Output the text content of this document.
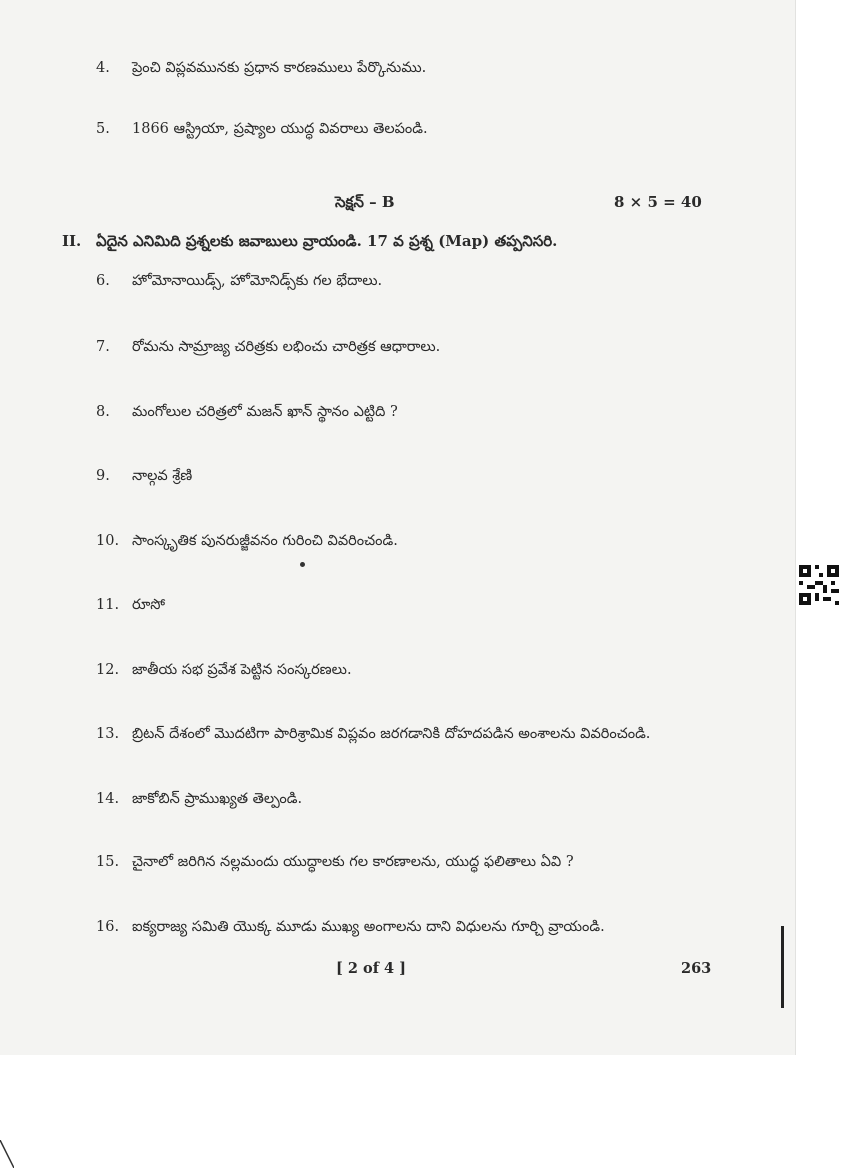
4. ప్రెంచి విప్లవమునకు ప్రధాన కారణములు పేర్కొనుము.
5. 1866 ఆస్ట్రియా, ప్రష్యాల యుద్ధ వివరాలు తెలపండి.
సెక్షన్ – B	8 × 5 = 40
II. ఏదైన ఎనిమిది ప్రశ్నలకు జవాబులు వ్రాయండి. 17 వ ప్రశ్న (Map) తప్పనిసరి.
6. హోమోనాయిడ్స్, హోమోనిడ్స్‌కు గల భేదాలు.
7. రోమను సామ్రాజ్య చరిత్రకు లభించు చారిత్రక ఆధారాలు.
8. మంగోలుల చరిత్రలో మజన్ ఖాన్ స్థానం ఎట్టిది ?
9. నాల్గవ శ్రేణి
10. సాంస్కృతిక పునరుజ్జీవనం గురించి వివరించండి.
11. రూసో
12. జాతీయ సభ ప్రవేశ పెట్టిన సంస్కరణలు.
13. బ్రిటన్ దేశంలో మొదటిగా పారిశ్రామిక విప్లవం జరగడానికి దోహదపడిన అంశాలను వివరించండి.
14. జాకోబిన్ ప్రాముఖ్యత తెల్పండి.
15. చైనాలో జరిగిన నల్లమందు యుద్ధాలకు గల కారణాలను, యుద్ధ ఫలితాలు ఏవి ?
16. ఐక్యరాజ్య సమితి యొక్క మూడు ముఖ్య అంగాలను దాని విధులను గూర్చి వ్రాయండి.
[ 2 of 4 ]	263
